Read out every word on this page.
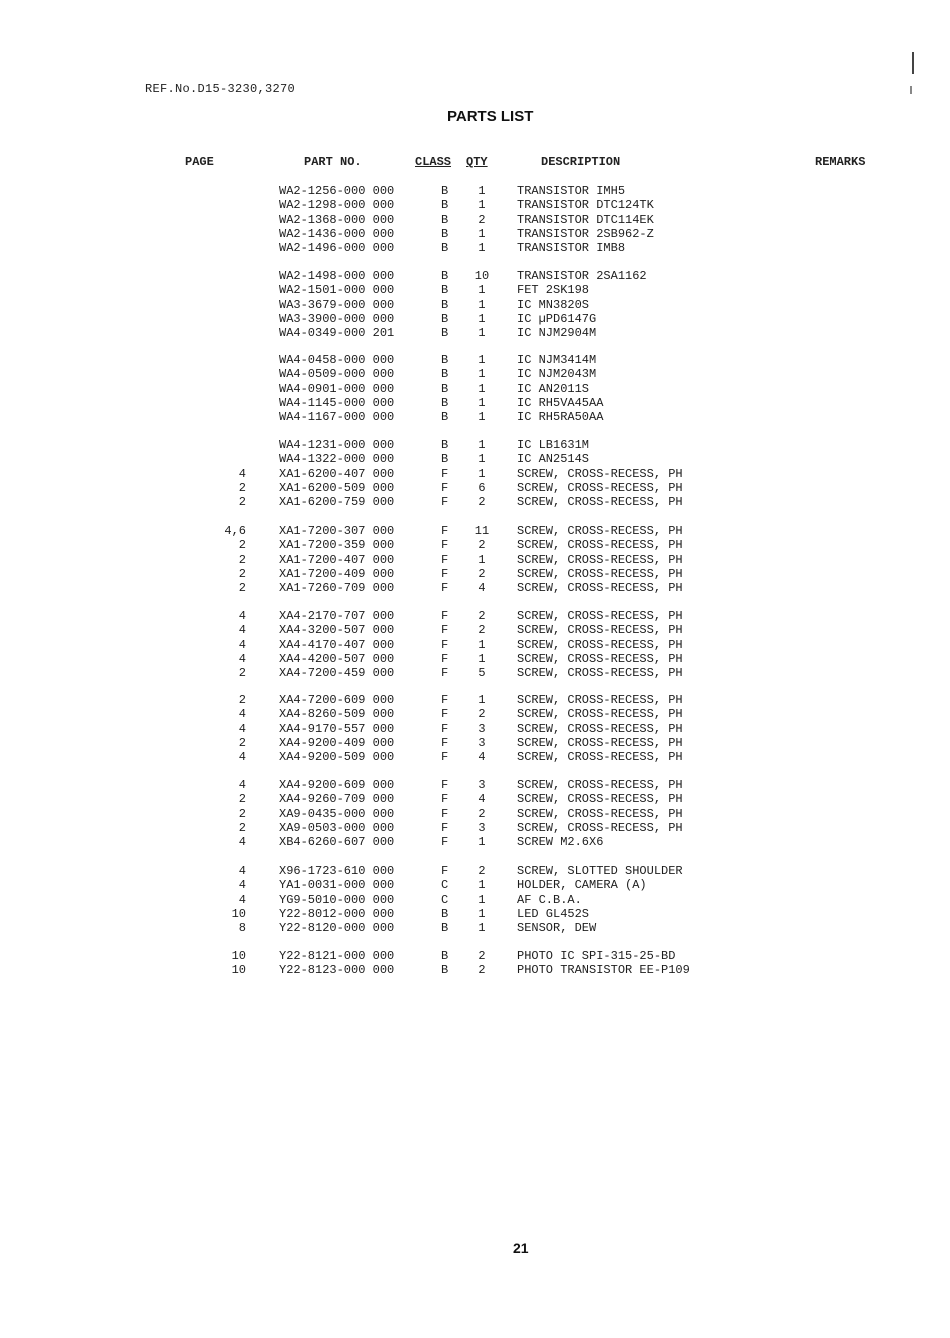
REF.No.D15-3230,3270
PARTS LIST
PAGE	PART NO.	CLASS QTY	DESCRIPTION	REMARKS
WA2-1256-000 000	B	1	TRANSISTOR IMH5
WA2-1298-000 000	B	1	TRANSISTOR DTC124TK
WA2-1368-000 000	B	2	TRANSISTOR DTC114EK
WA2-1436-000 000	B	1	TRANSISTOR 2SB962-Z
WA2-1496-000 000	B	1	TRANSISTOR IMB8
WA2-1498-000 000	B 10 TRANSISTOR 2SA1162
WA2-1501-000 000	B	1	FET 2SK198
WA3-3679-000 000	B	1	IC MN3820S
WA3-3900-000 000	B	1	IC µPD6147G
WA4-0349-000 201	B	1	IC NJM2904M
WA4-0458-000 000	B	1	IC NJM3414M
WA4-0509-000 000	B	1	IC NJM2043M
WA4-0901-000 000	B	1	IC AN2011S
WA4-1145-000 000	B	1	IC RH5VA45AA
WA4-1167-000 000	B	1	IC RH5RA50AA
WA4-1231-000 000	B	1	IC LB1631M
WA4-1322-000 000	B	1	IC AN2514S
4	XA1-6200-407 000	F	1	SCREW, CROSS-RECESS, PH
2	XA1-6200-509 000	F	6	SCREW, CROSS-RECESS, PH
2	XA1-6200-759 000	F	2	SCREW, CROSS-RECESS, PH
4,6	XA1-7200-307 000	F 11 SCREW, CROSS-RECESS, PH
2	XA1-7200-359 000	F	2	SCREW, CROSS-RECESS, PH
2	XA1-7200-407 000	F	1	SCREW, CROSS-RECESS, PH
2	XA1-7200-409 000	F	2	SCREW, CROSS-RECESS, PH
2	XA1-7260-709 000	F	4	SCREW, CROSS-RECESS, PH
4	XA4-2170-707 000	F	2	SCREW, CROSS-RECESS, PH
4	XA4-3200-507 000	F	2	SCREW, CROSS-RECESS, PH
4	XA4-4170-407 000	F	1	SCREW, CROSS-RECESS, PH
4	XA4-4200-507 000	F	1	SCREW, CROSS-RECESS, PH
2	XA4-7200-459 000	F	5	SCREW, CROSS-RECESS, PH
2	XA4-7200-609 000	F	1	SCREW, CROSS-RECESS, PH
4	XA4-8260-509 000	F	2	SCREW, CROSS-RECESS, PH
4	XA4-9170-557 000	F	3	SCREW, CROSS-RECESS, PH
2	XA4-9200-409 000	F	3	SCREW, CROSS-RECESS, PH
4	XA4-9200-509 000	F	4	SCREW, CROSS-RECESS, PH
4	XA4-9200-609 000	F	3	SCREW, CROSS-RECESS, PH
2	XA4-9260-709 000	F	4	SCREW, CROSS-RECESS, PH
2	XA9-0435-000 000	F	2	SCREW, CROSS-RECESS, PH
2	XA9-0503-000 000	F	3	SCREW, CROSS-RECESS, PH
4	XB4-6260-607 000	F	1	SCREW M2.6X6
4	X96-1723-610 000	F	2	SCREW, SLOTTED SHOULDER
4	YA1-0031-000 000	C	1	HOLDER, CAMERA (A)
4	YG9-5010-000 000	C	1	AF C.B.A.
10	Y22-8012-000 000	B	1	LED GL452S
8	Y22-8120-000 000	B	1	SENSOR, DEW
10	Y22-8121-000 000	B	2	PHOTO IC SPI-315-25-BD
10	Y22-8123-000 000	B	2	PHOTO TRANSISTOR EE-P109
21
